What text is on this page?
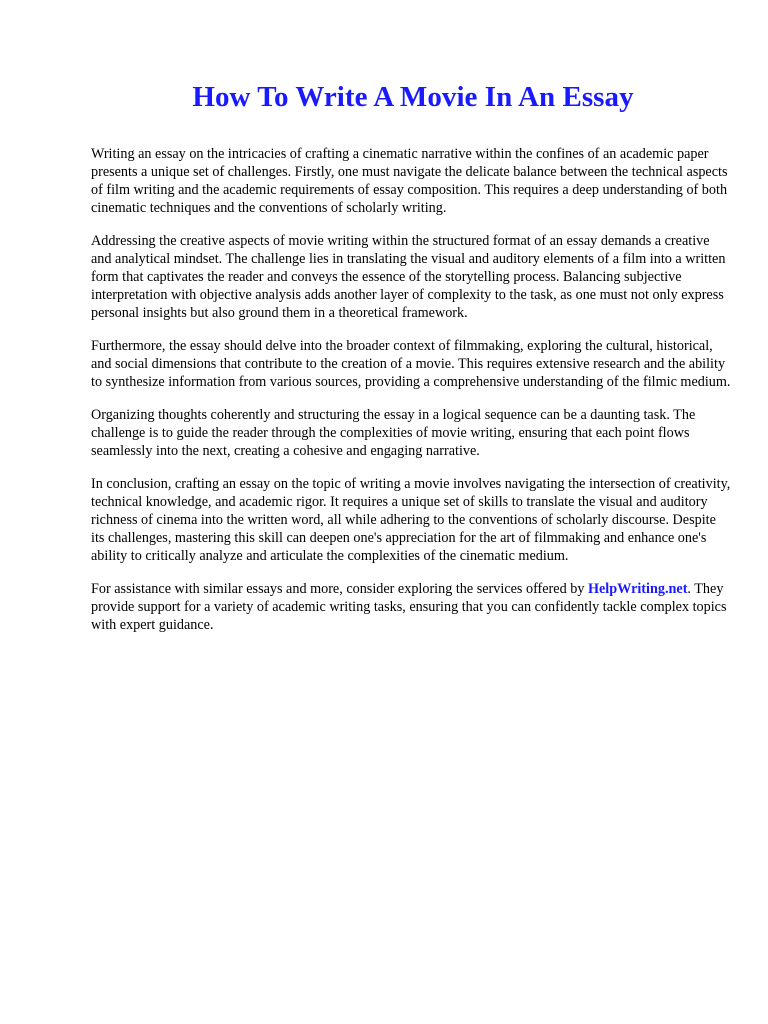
How To Write A Movie In An Essay

Writing an essay on the intricacies of crafting a cinematic narrative within the confines of an academic paper presents a unique set of challenges. Firstly, one must navigate the delicate balance between the technical aspects of film writing and the academic requirements of essay composition. This requires a deep understanding of both cinematic techniques and the conventions of scholarly writing.

Addressing the creative aspects of movie writing within the structured format of an essay demands a creative and analytical mindset. The challenge lies in translating the visual and auditory elements of a film into a written form that captivates the reader and conveys the essence of the storytelling process. Balancing subjective interpretation with objective analysis adds another layer of complexity to the task, as one must not only express personal insights but also ground them in a theoretical framework.

Furthermore, the essay should delve into the broader context of filmmaking, exploring the cultural, historical, and social dimensions that contribute to the creation of a movie. This requires extensive research and the ability to synthesize information from various sources, providing a comprehensive understanding of the filmic medium.

Organizing thoughts coherently and structuring the essay in a logical sequence can be a daunting task. The challenge is to guide the reader through the complexities of movie writing, ensuring that each point flows seamlessly into the next, creating a cohesive and engaging narrative.

In conclusion, crafting an essay on the topic of writing a movie involves navigating the intersection of creativity, technical knowledge, and academic rigor. It requires a unique set of skills to translate the visual and auditory richness of cinema into the written word, all while adhering to the conventions of scholarly discourse. Despite its challenges, mastering this skill can deepen one's appreciation for the art of filmmaking and enhance one's ability to critically analyze and articulate the complexities of the cinematic medium.

For assistance with similar essays and more, consider exploring the services offered by HelpWriting.net. They provide support for a variety of academic writing tasks, ensuring that you can confidently tackle complex topics with expert guidance.
